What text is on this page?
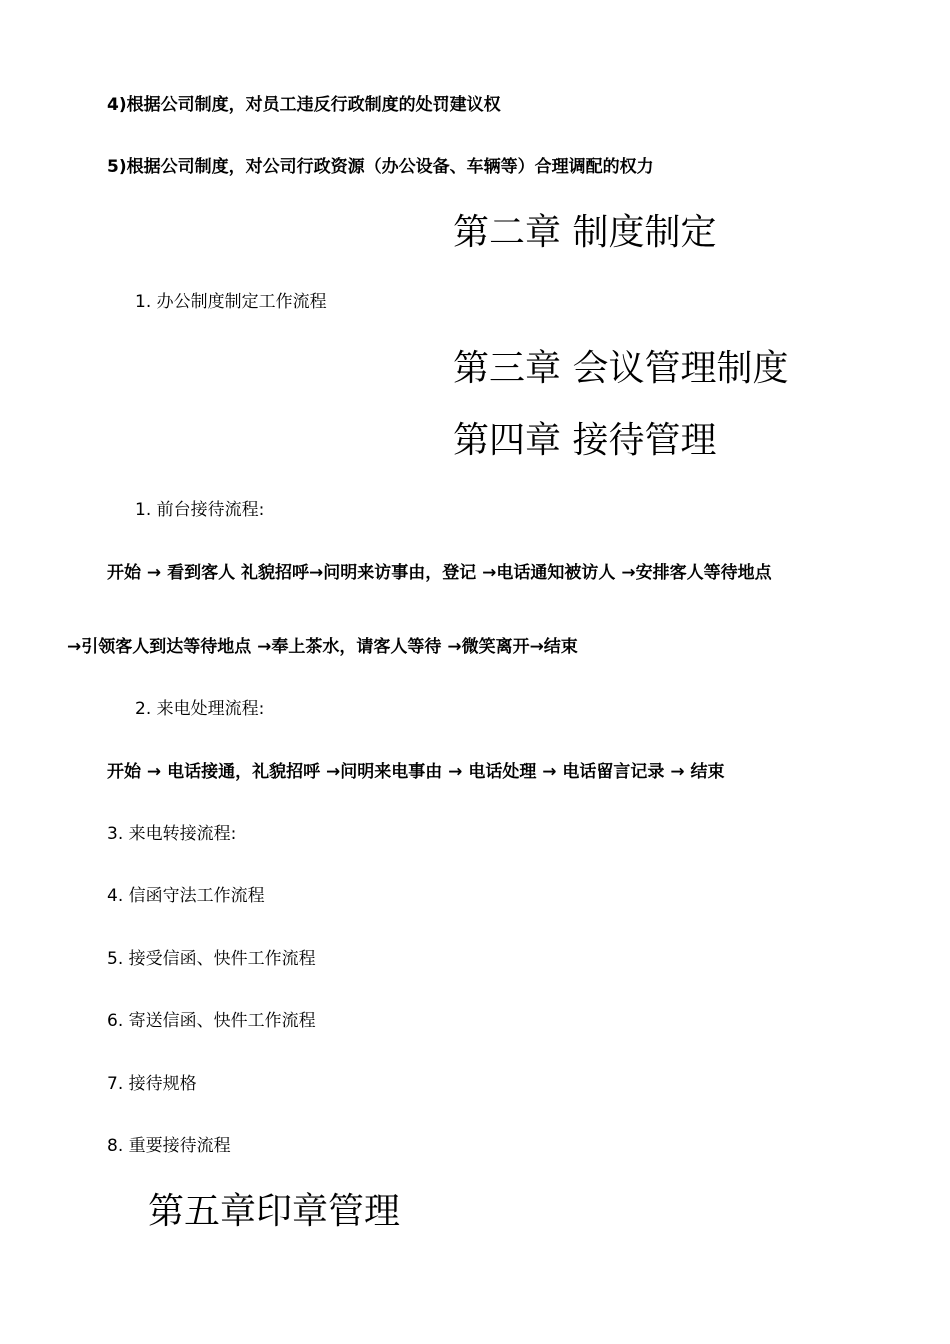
4)根据公司制度，对员工违反行政制度的处罚建议权
5)根据公司制度，对公司行政资源（办公设备、车辆等）合理调配的权力
第二章 制度制定
1. 办公制度制定工作流程
第三章 会议管理制度
第四章 接待管理
1. 前台接待流程:
开始 → 看到客人 礼貌招呼→问明来访事由，登记 →电话通知被访人 →安排客人等待地点
→引领客人到达等待地点 →奉上茶水，请客人等待 →微笑离开→结束
2. 来电处理流程:
开始 → 电话接通，礼貌招呼 →问明来电事由 → 电话处理 → 电话留言记录 → 结束
3. 来电转接流程:
4. 信函守法工作流程
5. 接受信函、快件工作流程
6. 寄送信函、快件工作流程
7. 接待规格
8. 重要接待流程
第五章印章管理
